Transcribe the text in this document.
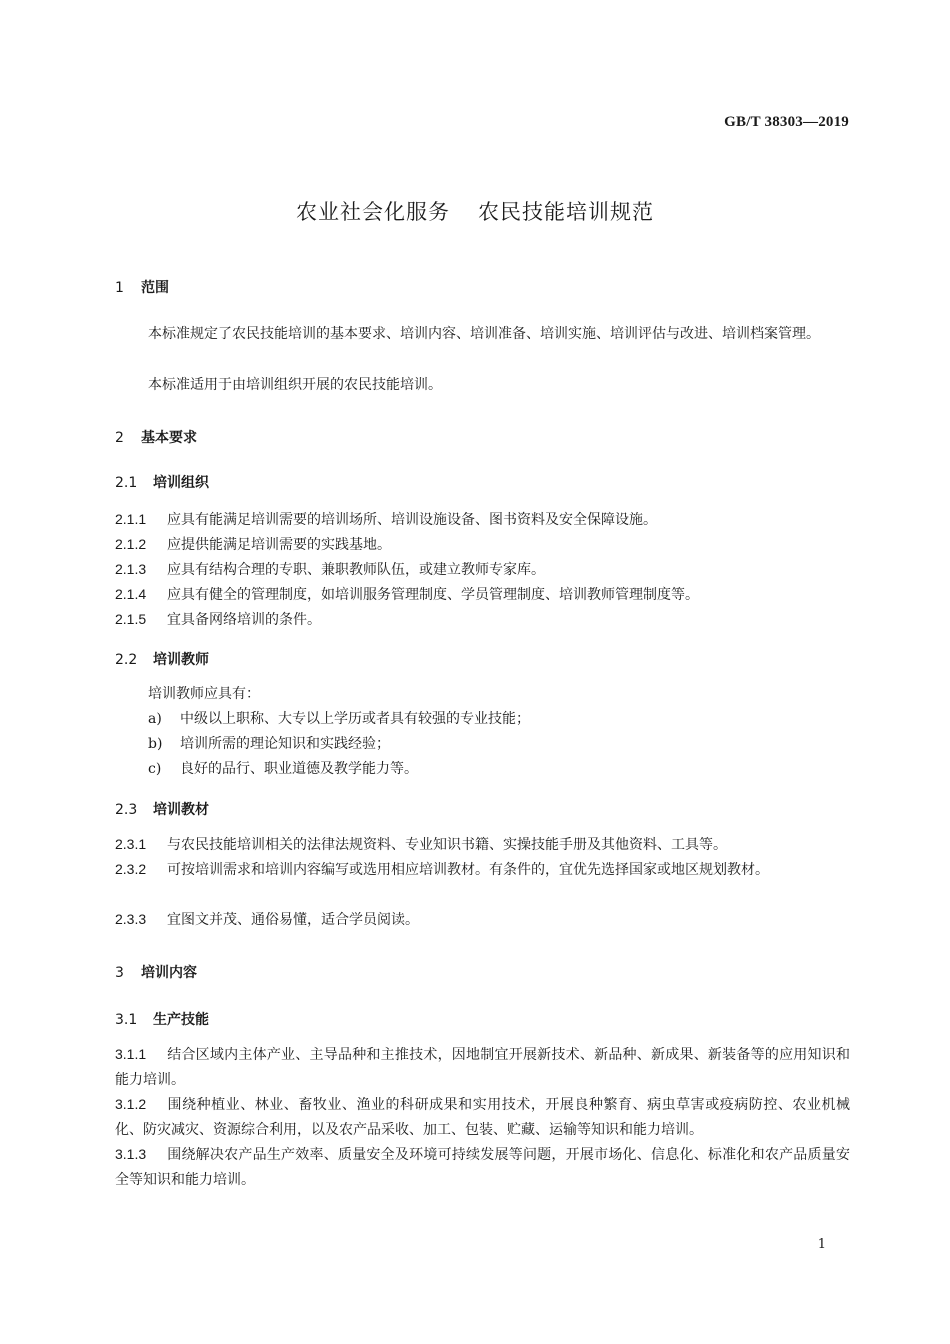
GB/T 38303—2019
农业社会化服务 农民技能培训规范
1 范围
本标准规定了农民技能培训的基本要求、培训内容、培训准备、培训实施、培训评估与改进、培训档案管理。
本标准适用于由培训组织开展的农民技能培训。
2 基本要求
2.1 培训组织
2.1.1 应具有能满足培训需要的培训场所、培训设施设备、图书资料及安全保障设施。
2.1.2 应提供能满足培训需要的实践基地。
2.1.3 应具有结构合理的专职、兼职教师队伍，或建立教师专家库。
2.1.4 应具有健全的管理制度，如培训服务管理制度、学员管理制度、培训教师管理制度等。
2.1.5 宜具备网络培训的条件。
2.2 培训教师
培训教师应具有：
a) 中级以上职称、大专以上学历或者具有较强的专业技能；
b) 培训所需的理论知识和实践经验；
c) 良好的品行、职业道德及教学能力等。
2.3 培训教材
2.3.1 与农民技能培训相关的法律法规资料、专业知识书籍、实操技能手册及其他资料、工具等。
2.3.2 可按培训需求和培训内容编写或选用相应培训教材。有条件的，宜优先选择国家或地区规划教材。
2.3.3 宜图文并茂、通俗易懂，适合学员阅读。
3 培训内容
3.1 生产技能
3.1.1 结合区域内主体产业、主导品种和主推技术，因地制宜开展新技术、新品种、新成果、新装备等的应用知识和能力培训。
3.1.2 围绕种植业、林业、畜牧业、渔业的科研成果和实用技术，开展良种繁育、病虫草害或疫病防控、农业机械化、防灾减灾、资源综合利用，以及农产品采收、加工、包装、贮藏、运输等知识和能力培训。
3.1.3 围绕解决农产品生产效率、质量安全及环境可持续发展等问题，开展市场化、信息化、标准化和农产品质量安全等知识和能力培训。
1
